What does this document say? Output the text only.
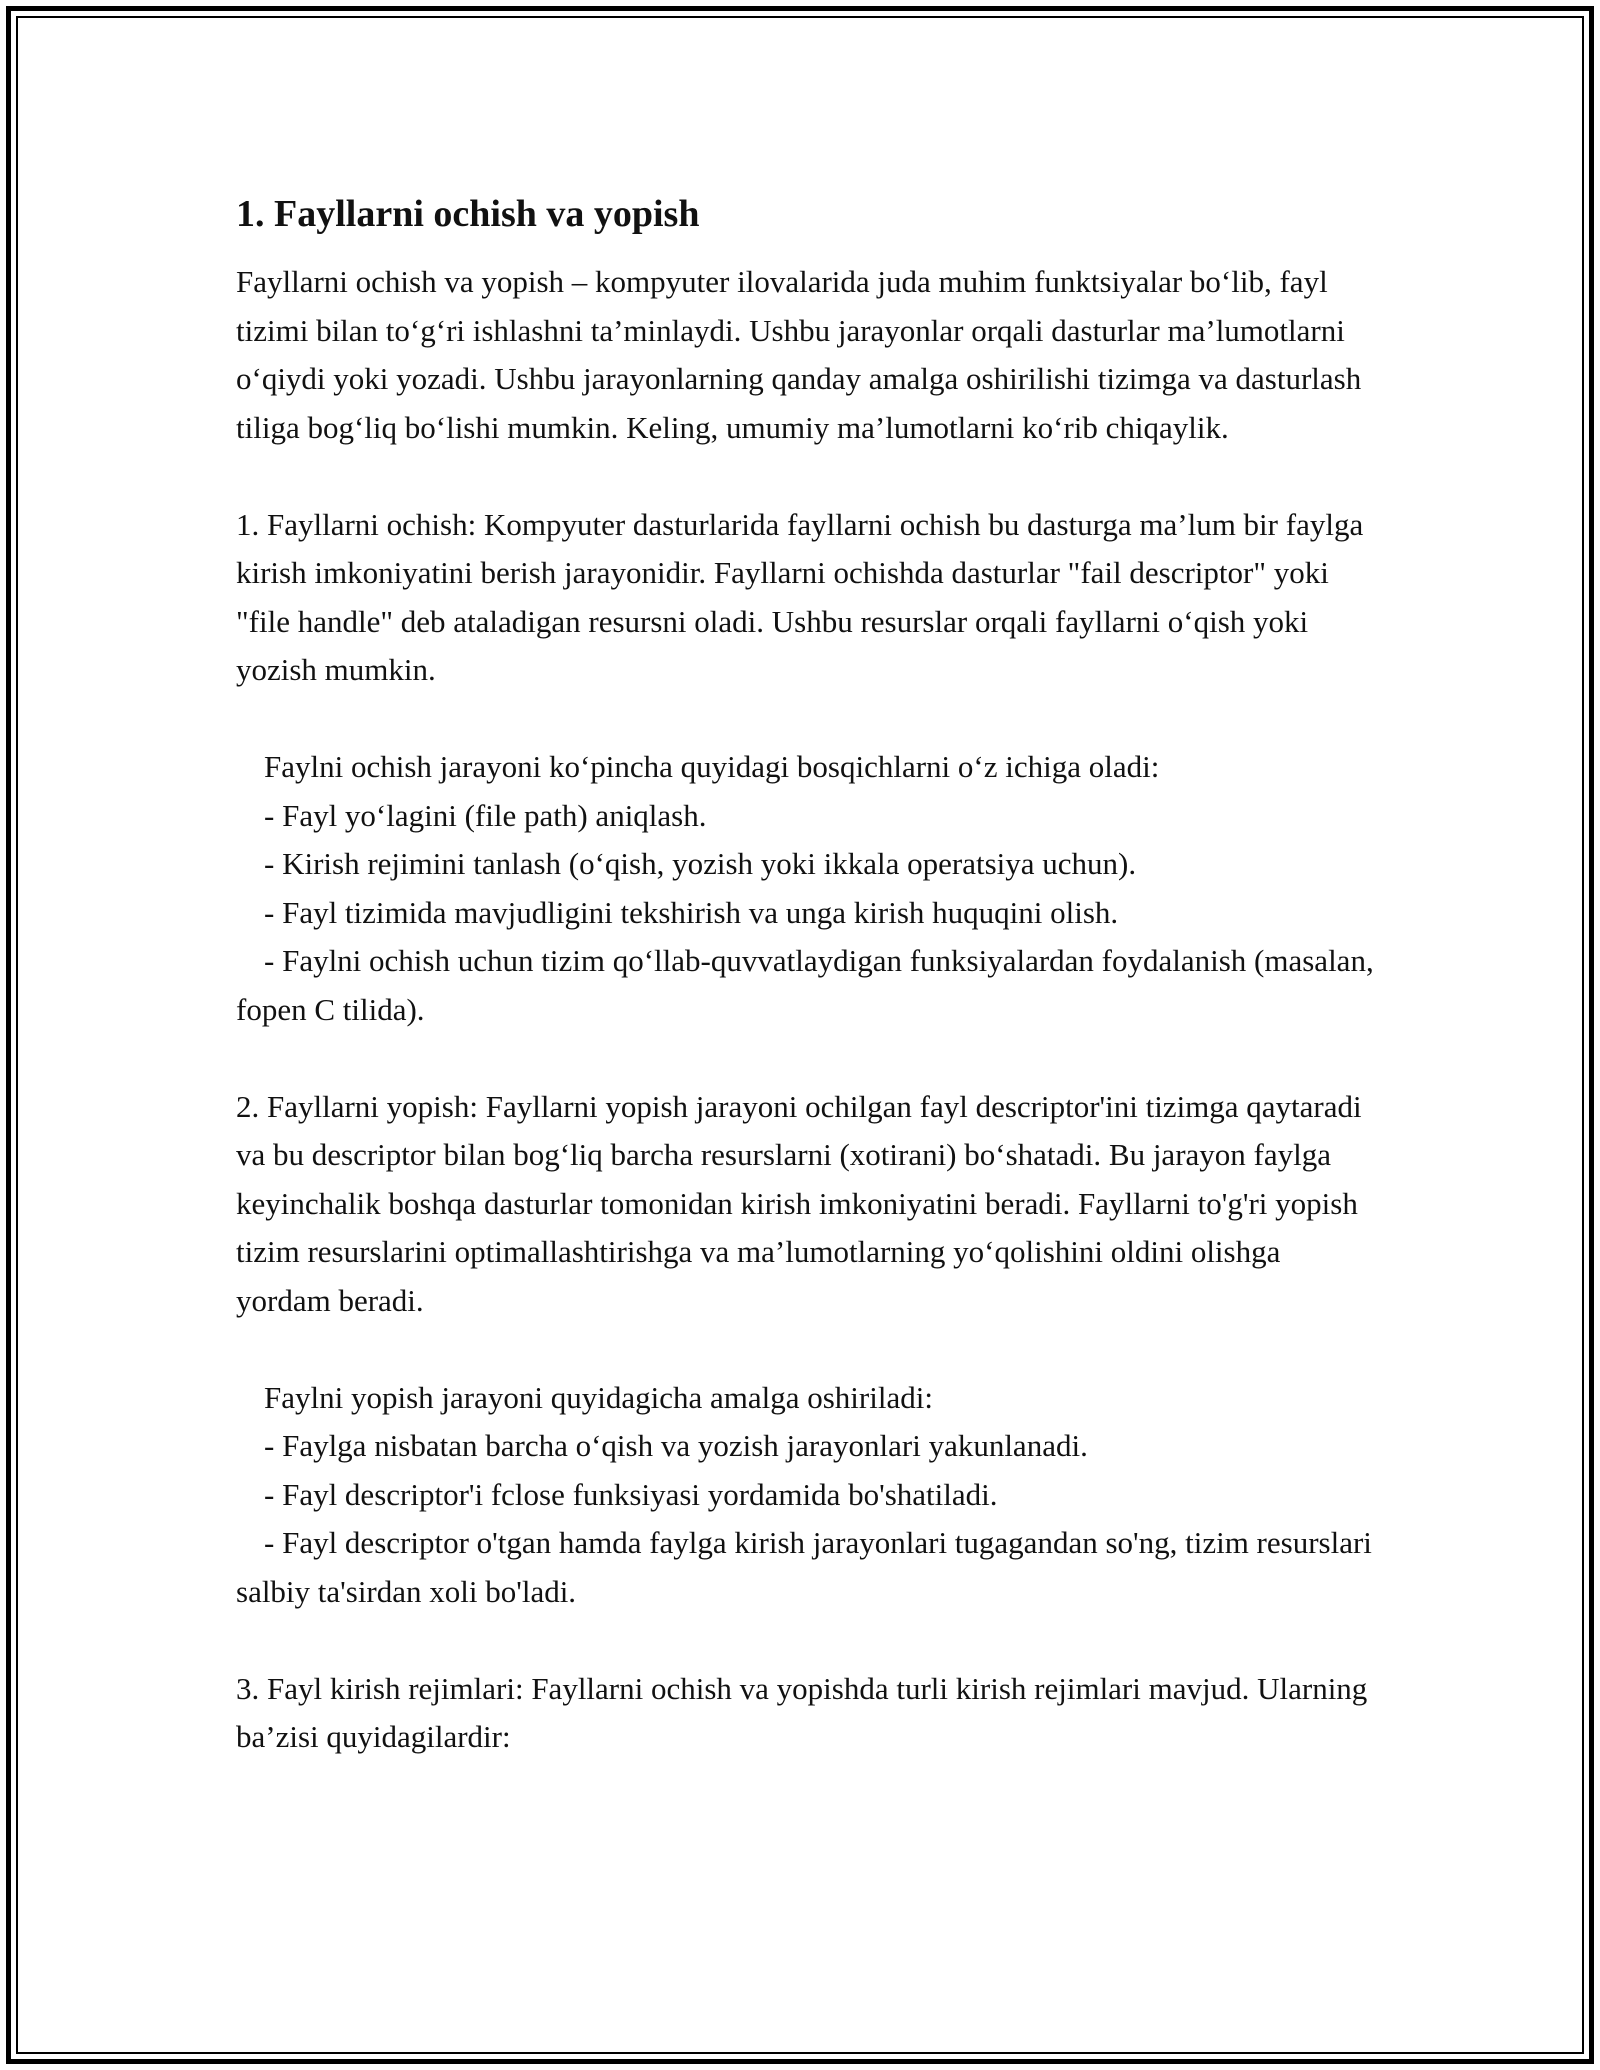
1. Fayllarni ochish va yopish

Fayllarni ochish va yopish – kompyuter ilovalarida juda muhim funktsiyalar bo‘lib, fayl tizimi bilan to‘g‘ri ishlashni ta’minlaydi. Ushbu jarayonlar orqali dasturlar ma’lumotlarni o‘qiydi yoki yozadi. Ushbu jarayonlarning qanday amalga oshirilishi tizimga va dasturlash tiliga bog‘liq bo‘lishi mumkin. Keling, umumiy ma’lumotlarni ko‘rib chiqaylik.

1. Fayllarni ochish: Kompyuter dasturlarida fayllarni ochish bu dasturga ma’lum bir faylga kirish imkoniyatini berish jarayonidir. Fayllarni ochishda dasturlar "fail descriptor" yoki "file handle" deb ataladigan resursni oladi. Ushbu resurslar orqali fayllarni o‘qish yoki yozish mumkin.

Faylni ochish jarayoni ko‘pincha quyidagi bosqichlarni o‘z ichiga oladi:

- Fayl yo‘lagini (file path) aniqlash.

- Kirish rejimini tanlash (o‘qish, yozish yoki ikkala operatsiya uchun).

- Fayl tizimida mavjudligini tekshirish va unga kirish huquqini olish.

- Faylni ochish uchun tizim qo‘llab-quvvatlaydigan funksiyalardan foydalanish (masalan, fopen C tilida).

2. Fayllarni yopish: Fayllarni yopish jarayoni ochilgan fayl descriptor'ini tizimga qaytaradi va bu descriptor bilan bog‘liq barcha resurslarni (xotirani) bo‘shatadi. Bu jarayon faylga keyinchalik boshqa dasturlar tomonidan kirish imkoniyatini beradi. Fayllarni to'g'ri yopish tizim resurslarini optimallashtirishga va ma’lumotlarning yo‘qolishini oldini olishga yordam beradi.

Faylni yopish jarayoni quyidagicha amalga oshiriladi:

- Faylga nisbatan barcha o‘qish va yozish jarayonlari yakunlanadi.

- Fayl descriptor'i fclose funksiyasi yordamida bo'shatiladi.

- Fayl descriptor o'tgan hamda faylga kirish jarayonlari tugagandan so'ng, tizim resurslari salbiy ta'sirdan xoli bo'ladi.

3. Fayl kirish rejimlari: Fayllarni ochish va yopishda turli kirish rejimlari mavjud. Ularning ba’zisi quyidagilardir:
